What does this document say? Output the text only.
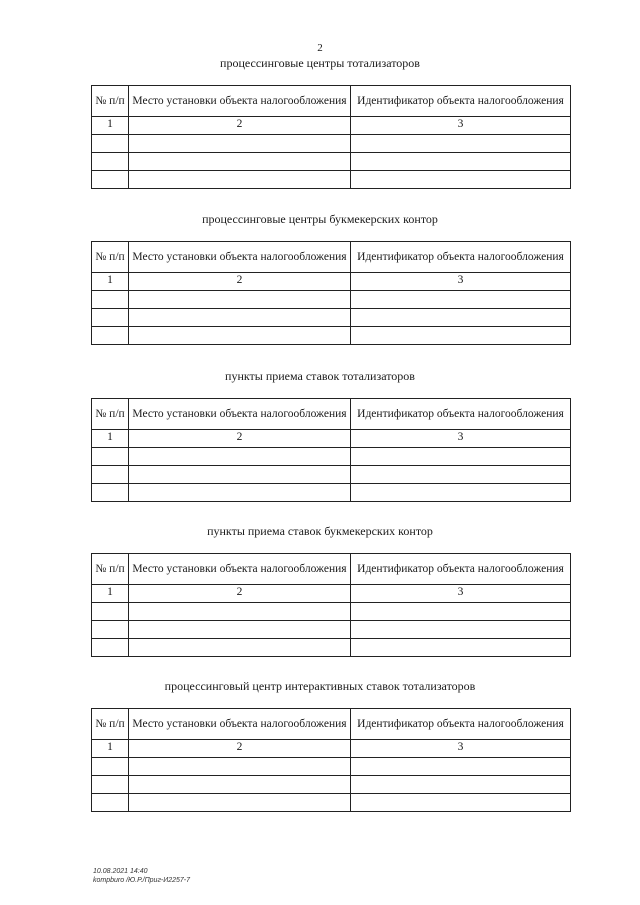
2
процессинговые центры тотализаторов
№ п/п	Место установки объекта налогообложения	Идентификатор объекта налогообложения
1	2	3

процессинговые центры букмекерских контор
№ п/п	Место установки объекта налогообложения	Идентификатор объекта налогообложения
1	2	3

пункты приема ставок тотализаторов
№ п/п	Место установки объекта налогообложения	Идентификатор объекта налогообложения
1	2	3

пункты приема ставок букмекерских контор
№ п/п	Место установки объекта налогообложения	Идентификатор объекта налогообложения
1	2	3

процессинговый центр интерактивных ставок тотализаторов
№ п/п	Место установки объекта налогообложения	Идентификатор объекта налогообложения
1	2	3

10.08.2021 14:40
kompburo /Ю.Р./Приг-И2257-7
